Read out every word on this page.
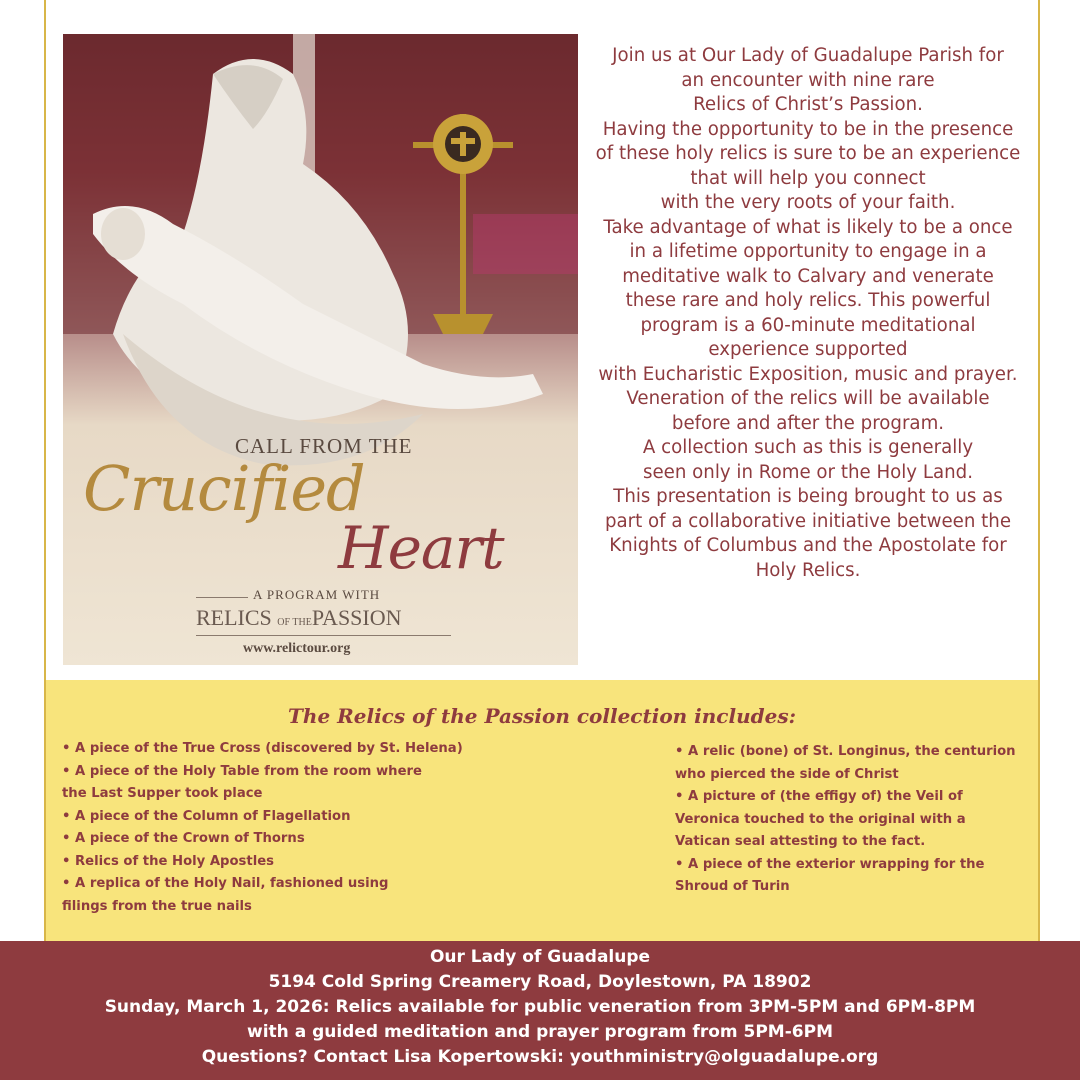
CALL FROM THE
Crucified
Heart
A PROGRAM WITH
RELICS OF THEPASSION
www.relictour.org
Join us at Our Lady of Guadalupe Parish for
an encounter with nine rare
Relics of Christ’s Passion.
Having the opportunity to be in the presence
of these holy relics is sure to be an experience
that will help you connect
with the very roots of your faith.
Take advantage of what is likely to be a once
in a lifetime opportunity to engage in a
meditative walk to Calvary and venerate
these rare and holy relics. This powerful
program is a 60-minute meditational
experience supported
with Eucharistic Exposition, music and prayer.
Veneration of the relics will be available
before and after the program.
A collection such as this is generally
seen only in Rome or the Holy Land.
This presentation is being brought to us as
part of a collaborative initiative between the
Knights of Columbus and the Apostolate for
Holy Relics.
The Relics of the Passion collection includes:
• A piece of the True Cross (discovered by St. Helena)
• A piece of the Holy Table from the room where
the Last Supper took place
• A piece of the Column of Flagellation
• A piece of the Crown of Thorns
• Relics of the Holy Apostles
• A replica of the Holy Nail, fashioned using
filings from the true nails
• A relic (bone) of St. Longinus, the centurion
who pierced the side of Christ
• A picture of (the effigy of) the Veil of
Veronica touched to the original with a
Vatican seal attesting to the fact.
• A piece of the exterior wrapping for the
Shroud of Turin
Our Lady of Guadalupe
5194 Cold Spring Creamery Road, Doylestown, PA 18902
Sunday, March 1, 2026: Relics available for public veneration from 3PM-5PM and 6PM-8PM
with a guided meditation and prayer program from 5PM-6PM
Questions? Contact Lisa Kopertowski: youthministry@olguadalupe.org
